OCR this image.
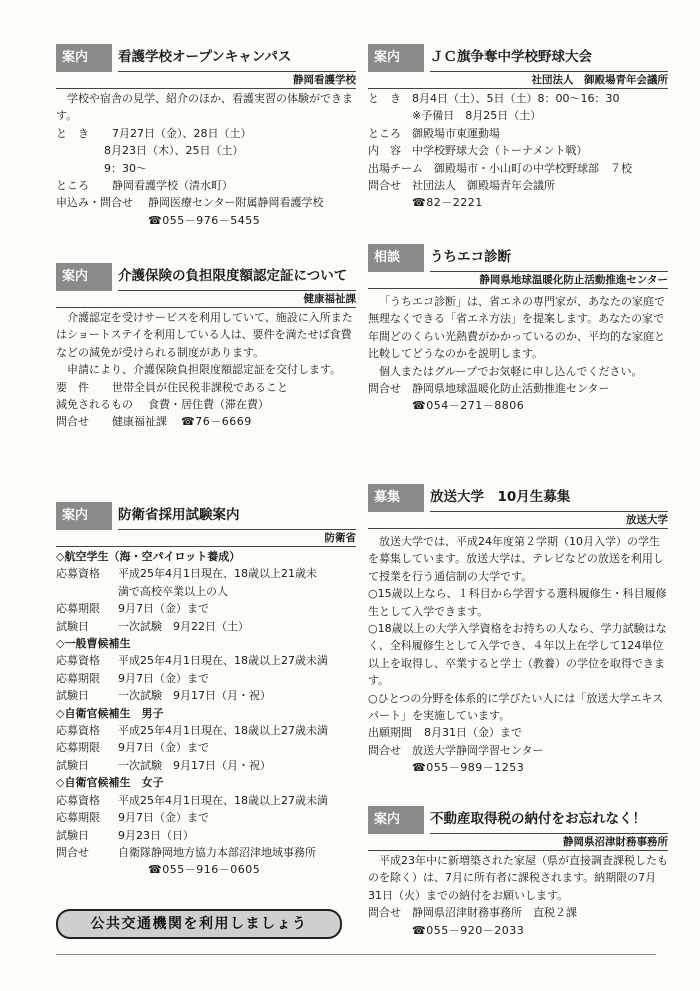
案内	看護学校オープンキャンパス
静岡看護学校

学校や宿舎の見学、紹介のほか、看護実習の体験ができます。

と　き	7月27日（金）、28日（土）
8月23日（木）、25日（土）
9：30～
ところ	静岡看護学校（清水町）
申込み・問合せ	静岡医療センター附属静岡看護学校
☎055－976－5455
案内	介護保険の負担限度額認定証について
健康福祉課

介護認定を受けサービスを利用していて、施設に入所またはショートステイを利用している人は、要件を満たせば食費などの減免が受けられる制度があります。

申請により、介護保険負担限度額認定証を交付します。

要　件	世帯全員が住民税非課税であること
減免されるもの	食費・居住費（滞在費）
問合せ	健康福祉課 ☎76－6669
案内	防衛省採用試験案内
防衛省
◇航空学生（海・空パイロット養成）
応募資格	平成25年4月1日現在、18歳以上21歳未
満で高校卒業以上の人
応募期限	9月7日（金）まで
試験日	一次試験　9月22日（土）
◇一般曹候補生
応募資格	平成25年4月1日現在、18歳以上27歳未満
応募期限	9月7日（金）まで
試験日	一次試験　9月17日（月・祝）
◇自衛官候補生　男子
応募資格	平成25年4月1日現在、18歳以上27歳未満
応募期限	9月7日（金）まで
試験日	一次試験　9月17日（月・祝）
◇自衛官候補生　女子
応募資格	平成25年4月1日現在、18歳以上27歳未満
応募期限	9月7日（金）まで
試験日	9月23日（日）
問合せ	自衛隊静岡地方協力本部沼津地域事務所
☎055－916－0605
公共交通機関を利用しましょう
案内	ＪＣ旗争奪中学校野球大会
社団法人　御殿場青年会議所
と　き	8月4日（土）、5日（土）8：00～16：30
※予備日　8月25日（土）
ところ	御殿場市東運動場
内　容	中学校野球大会（トーナメント戦）
出場チーム	御殿場市・小山町の中学校野球部　７校
問合せ	社団法人　御殿場青年会議所
☎82－2221
相談	うちエコ診断
静岡県地球温暖化防止活動推進センター

「うちエコ診断」は、省エネの専門家が、あなたの家庭で無理なくできる「省エネ方法」を提案します。あなたの家で年間どのくらい光熱費がかかっているのか、平均的な家庭と比較してどうなのかを説明します。

個人またはグループでお気軽に申し込んでください。

問合せ	静岡県地球温暖化防止活動推進センター
☎054－271－8806
募集	放送大学　10月生募集
放送大学

放送大学では、平成24年度第２学期（10月入学）の学生を募集しています。放送大学は、テレビなどの放送を利用して授業を行う通信制の大学です。

○15歳以上なら、１科目から学習する選科履修生・科目履修生として入学できます。

○18歳以上の大学入学資格をお持ちの人なら、学力試験はなく、全科履修生として入学でき、４年以上在学して124単位以上を取得し、卒業すると学士（教養）の学位を取得できます。

○ひとつの分野を体系的に学びたい人には「放送大学エキスパート」を実施しています。

出願期間	8月31日（金）まで
問合せ	放送大学静岡学習センター
☎055－989－1253
案内	不動産取得税の納付をお忘れなく！
静岡県沼津財務事務所

平成23年中に新増築された家屋（県が直接調査課税したものを除く）は、7月に所有者に課税されます。納期限の7月31日（火）までの納付をお願いします。

問合せ	静岡県沼津財務事務所　直税２課
☎055－920－2033
